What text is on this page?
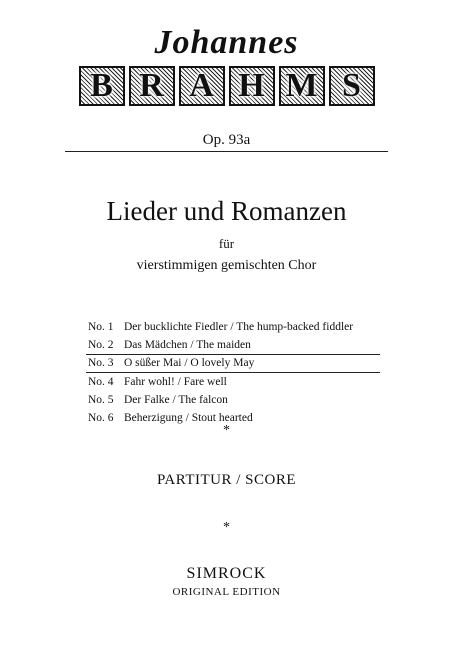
Johannes
B R A H M S
Op. 93a
Lieder und Romanzen
für
vierstimmigen gemischten Chor
No. 1 Der bucklichte Fiedler / The hump-backed fiddler
No. 2 Das Mädchen / The maiden
No. 3 O süßer Mai / O lovely May
No. 4 Fahr wohl! / Fare well
No. 5 Der Falke / The falcon
No. 6 Beherzigung / Stout hearted
*
PARTITUR / SCORE
*
SIMROCK
ORIGINAL EDITION
